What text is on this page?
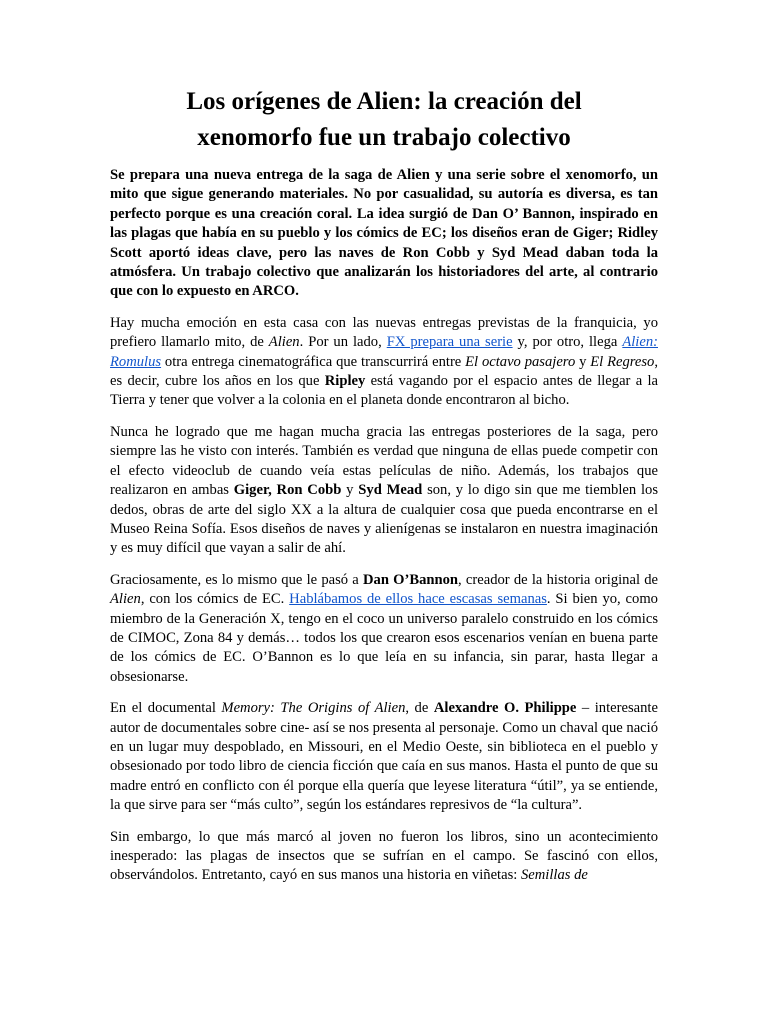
Los orígenes de Alien: la creación del
xenomorfo fue un trabajo colectivo

Se prepara una nueva entrega de la saga de Alien y una serie sobre el xenomorfo, un mito que sigue generando materiales. No por casualidad, su autoría es diversa, es tan perfecto porque es una creación coral. La idea surgió de Dan O’ Bannon, inspirado en las plagas que había en su pueblo y los cómics de EC; los diseños eran de Giger; Ridley Scott aportó ideas clave, pero las naves de Ron Cobb y Syd Mead daban toda la atmósfera. Un trabajo colectivo que analizarán los historiadores del arte, al contrario que con lo expuesto en ARCO.

Hay mucha emoción en esta casa con las nuevas entregas previstas de la franquicia, yo prefiero llamarlo mito, de Alien. Por un lado, FX prepara una serie y, por otro, llega Alien: Romulus otra entrega cinematográfica que transcurrirá entre El octavo pasajero y El Regreso, es decir, cubre los años en los que Ripley está vagando por el espacio antes de llegar a la Tierra y tener que volver a la colonia en el planeta donde encontraron al bicho.

Nunca he logrado que me hagan mucha gracia las entregas posteriores de la saga, pero siempre las he visto con interés. También es verdad que ninguna de ellas puede competir con el efecto videoclub de cuando veía estas películas de niño. Además, los trabajos que realizaron en ambas Giger, Ron Cobb y Syd Mead son, y lo digo sin que me tiemblen los dedos, obras de arte del siglo XX a la altura de cualquier cosa que pueda encontrarse en el Museo Reina Sofía. Esos diseños de naves y alienígenas se instalaron en nuestra imaginación y es muy difícil que vayan a salir de ahí.

Graciosamente, es lo mismo que le pasó a Dan O’Bannon, creador de la historia original de Alien, con los cómics de EC. Hablábamos de ellos hace escasas semanas. Si bien yo, como miembro de la Generación X, tengo en el coco un universo paralelo construido en los cómics de CIMOC, Zona 84 y demás… todos los que crearon esos escenarios venían en buena parte de los cómics de EC. O’Bannon es lo que leía en su infancia, sin parar, hasta llegar a obsesionarse.

En el documental Memory: The Origins of Alien, de Alexandre O. Philippe – interesante autor de documentales sobre cine- así se nos presenta al personaje. Como un chaval que nació en un lugar muy despoblado, en Missouri, en el Medio Oeste, sin biblioteca en el pueblo y obsesionado por todo libro de ciencia ficción que caía en sus manos. Hasta el punto de que su madre entró en conflicto con él porque ella quería que leyese literatura “útil”, ya se entiende, la que sirve para ser “más culto”, según los estándares represivos de “la cultura”.

Sin embargo, lo que más marcó al joven no fueron los libros, sino un acontecimiento inesperado: las plagas de insectos que se sufrían en el campo. Se fascinó con ellos, observándolos. Entretanto, cayó en sus manos una historia en viñetas: Semillas de
